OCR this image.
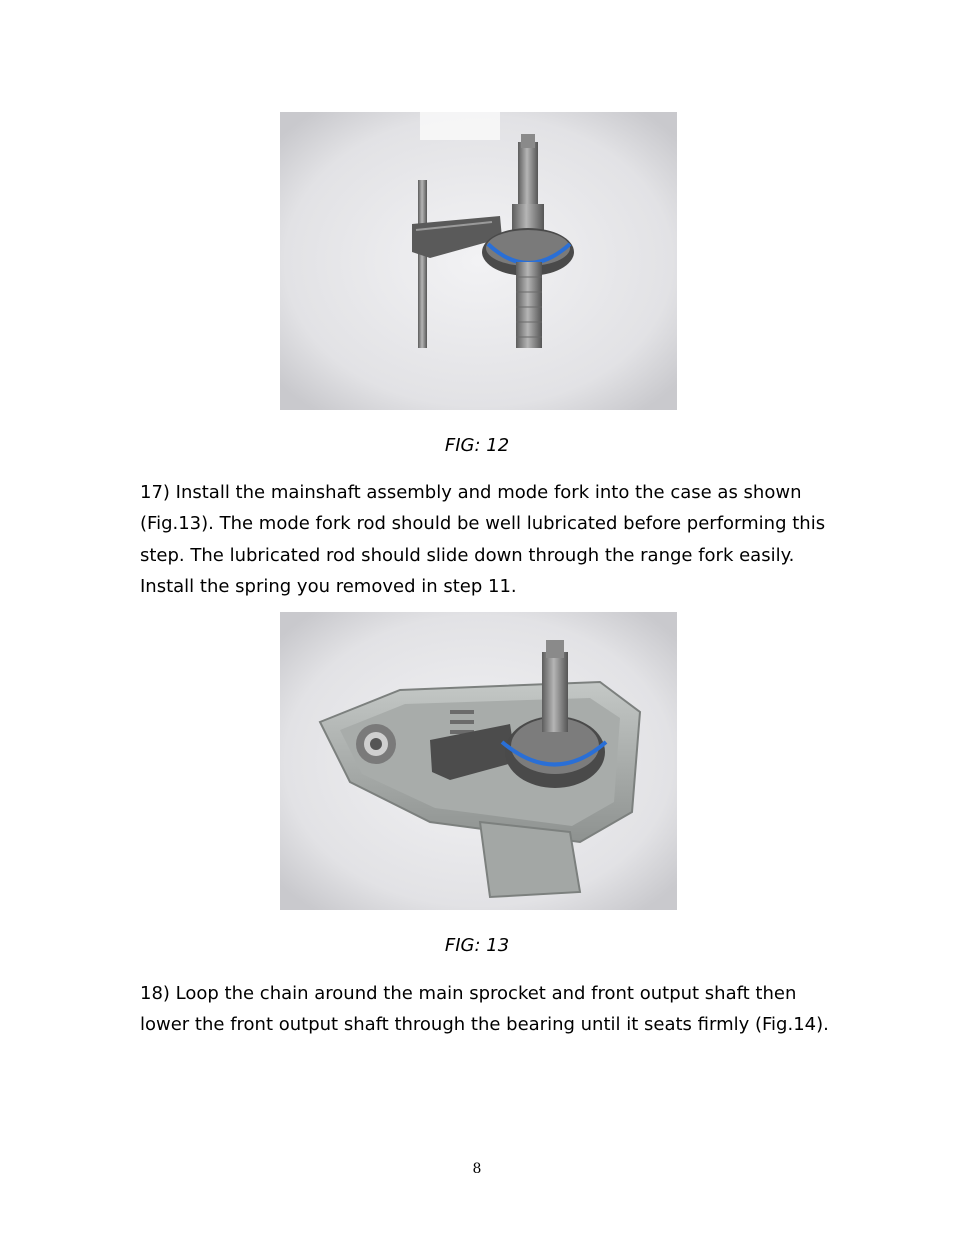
FIG: 12

17) Install the mainshaft assembly and mode fork into the case as shown (Fig.13). The mode fork rod should be well lubricated before performing this step. The lubricated rod should slide down through the range fork easily. Install the spring you removed in step 11.

FIG: 13

18) Loop the chain around the main sprocket and front output shaft then lower the front output shaft through the bearing until it seats firmly (Fig.14).

8
